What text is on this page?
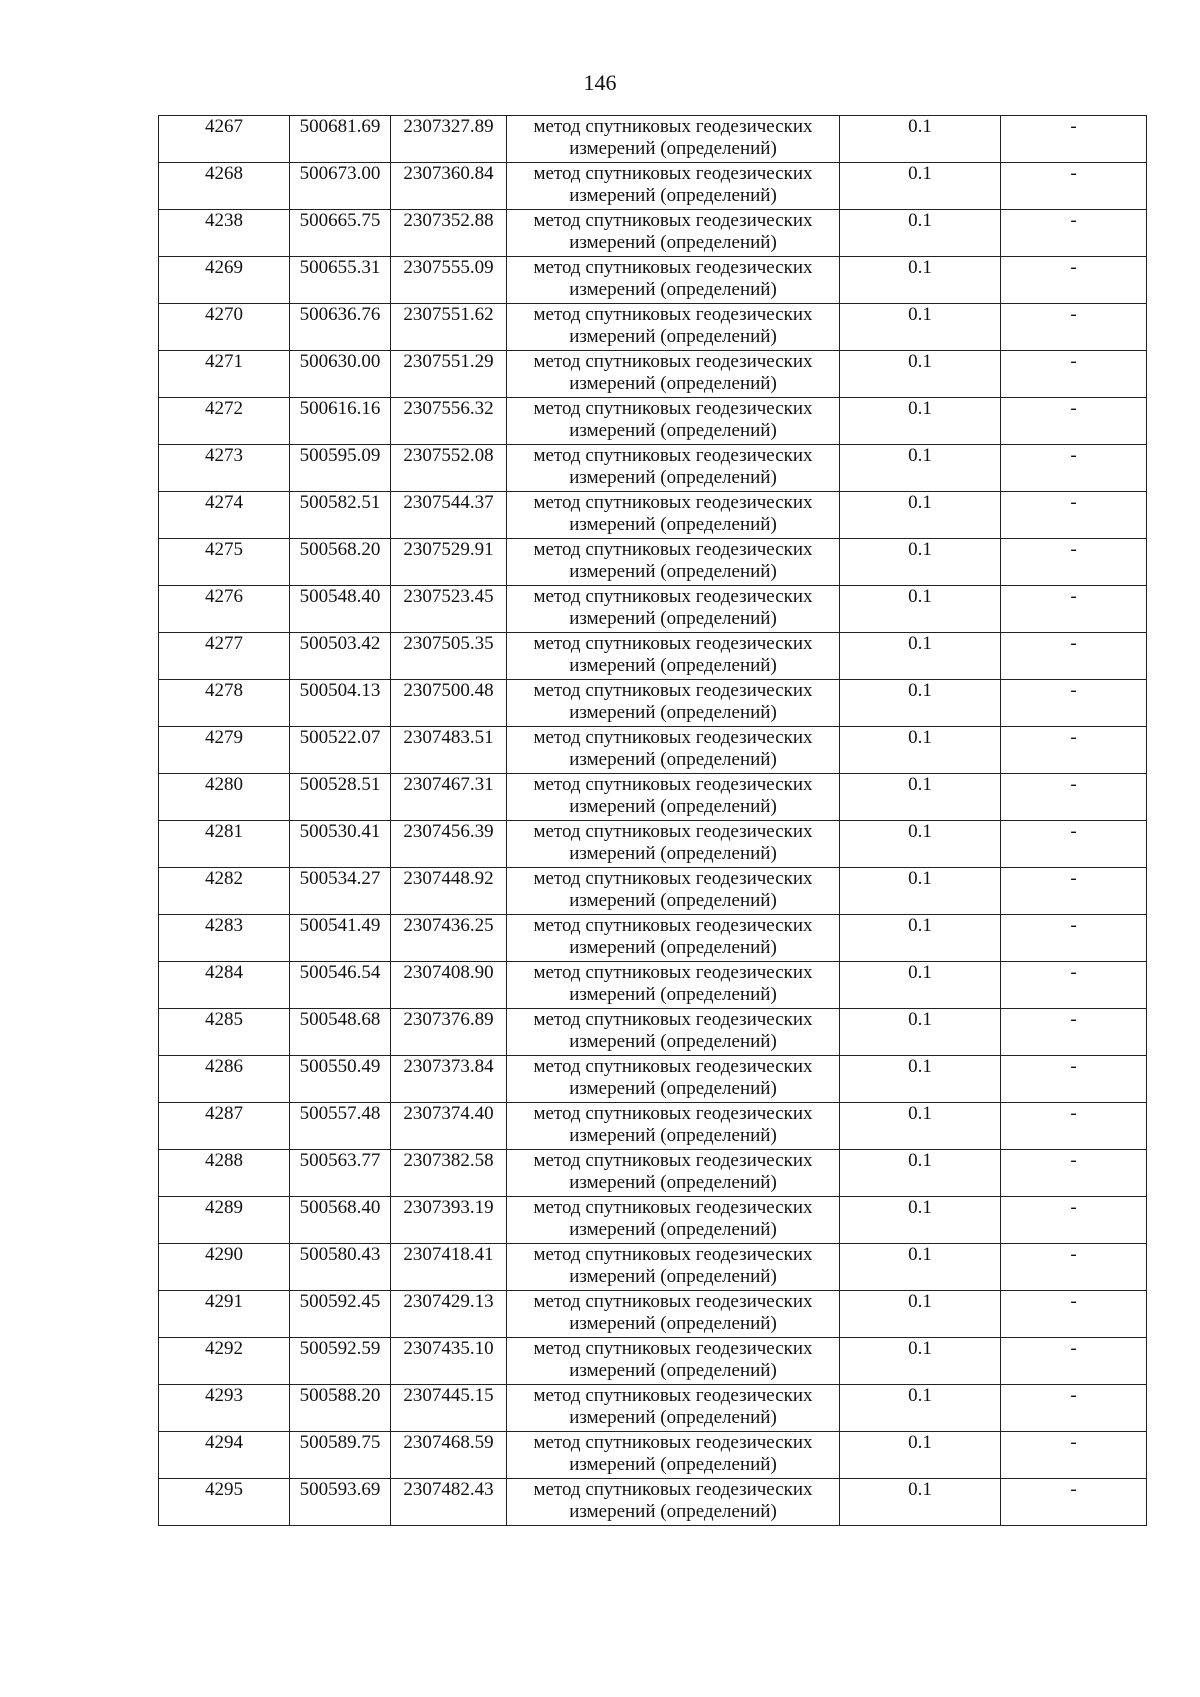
146
4267	500681.69	2307327.89	метод спутниковых геодезических
измерений (определений)	0.1	-

4268	500673.00	2307360.84	метод спутниковых геодезических
измерений (определений)	0.1	-

4238	500665.75	2307352.88	метод спутниковых геодезических
измерений (определений)	0.1	-

4269	500655.31	2307555.09	метод спутниковых геодезических
измерений (определений)	0.1	-

4270	500636.76	2307551.62	метод спутниковых геодезических
измерений (определений)	0.1	-

4271	500630.00	2307551.29	метод спутниковых геодезических
измерений (определений)	0.1	-

4272	500616.16	2307556.32	метод спутниковых геодезических
измерений (определений)	0.1	-

4273	500595.09	2307552.08	метод спутниковых геодезических
измерений (определений)	0.1	-

4274	500582.51	2307544.37	метод спутниковых геодезических
измерений (определений)	0.1	-

4275	500568.20	2307529.91	метод спутниковых геодезических
измерений (определений)	0.1	-

4276	500548.40	2307523.45	метод спутниковых геодезических
измерений (определений)	0.1	-

4277	500503.42	2307505.35	метод спутниковых геодезических
измерений (определений)	0.1	-

4278	500504.13	2307500.48	метод спутниковых геодезических
измерений (определений)	0.1	-

4279	500522.07	2307483.51	метод спутниковых геодезических
измерений (определений)	0.1	-

4280	500528.51	2307467.31	метод спутниковых геодезических
измерений (определений)	0.1	-

4281	500530.41	2307456.39	метод спутниковых геодезических
измерений (определений)	0.1	-

4282	500534.27	2307448.92	метод спутниковых геодезических
измерений (определений)	0.1	-

4283	500541.49	2307436.25	метод спутниковых геодезических
измерений (определений)	0.1	-

4284	500546.54	2307408.90	метод спутниковых геодезических
измерений (определений)	0.1	-

4285	500548.68	2307376.89	метод спутниковых геодезических
измерений (определений)	0.1	-

4286	500550.49	2307373.84	метод спутниковых геодезических
измерений (определений)	0.1	-

4287	500557.48	2307374.40	метод спутниковых геодезических
измерений (определений)	0.1	-

4288	500563.77	2307382.58	метод спутниковых геодезических
измерений (определений)	0.1	-

4289	500568.40	2307393.19	метод спутниковых геодезических
измерений (определений)	0.1	-

4290	500580.43	2307418.41	метод спутниковых геодезических
измерений (определений)	0.1	-

4291	500592.45	2307429.13	метод спутниковых геодезических
измерений (определений)	0.1	-

4292	500592.59	2307435.10	метод спутниковых геодезических
измерений (определений)	0.1	-

4293	500588.20	2307445.15	метод спутниковых геодезических
измерений (определений)	0.1	-

4294	500589.75	2307468.59	метод спутниковых геодезических
измерений (определений)	0.1	-

4295	500593.69	2307482.43	метод спутниковых геодезических
измерений (определений)	0.1	-
